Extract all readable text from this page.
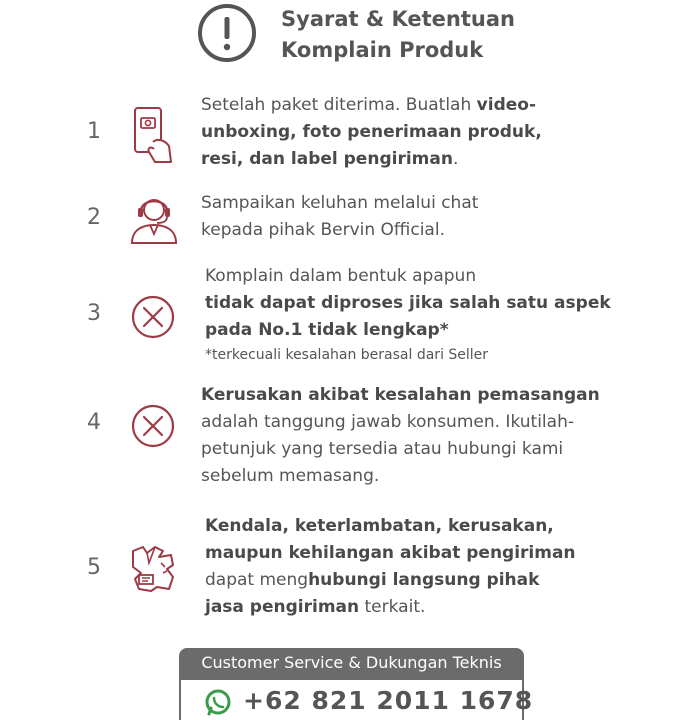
Syarat & Ketentuan
Komplain Produk
1
Setelah paket diterima. Buatlah video-
unboxing, foto penerimaan produk,
resi, dan label pengiriman.
2
Sampaikan keluhan melalui chat
kepada pihak Bervin Official.
3
Komplain dalam bentuk apapun
tidak dapat diproses jika salah satu aspek
pada No.1 tidak lengkap*
*terkecuali kesalahan berasal dari Seller
4
Kerusakan akibat kesalahan pemasangan
adalah tanggung jawab konsumen. Ikutilah-
petunjuk yang tersedia atau hubungi kami
sebelum memasang.
5
Kendala, keterlambatan, kerusakan,
maupun kehilangan akibat pengiriman
dapat menghubungi langsung pihak
jasa pengiriman terkait.
Customer Service & Dukungan Teknis
+62 821 2011 1678
